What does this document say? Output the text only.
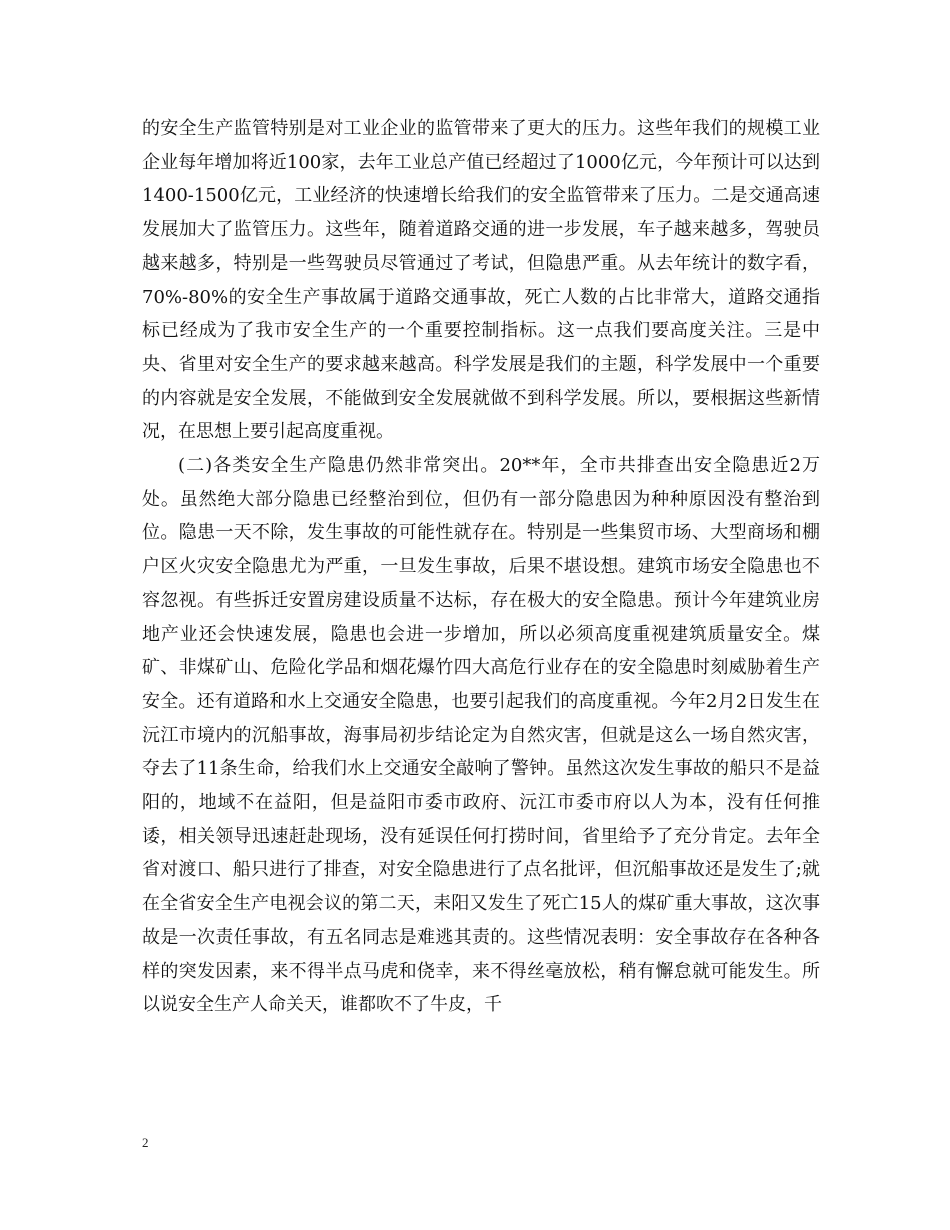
的安全生产监管特别是对工业企业的监管带来了更大的压力。这些年我们的规模工业企业每年增加将近100家，去年工业总产值已经超过了1000亿元，今年预计可以达到1400-1500亿元，工业经济的快速增长给我们的安全监管带来了压力。二是交通高速发展加大了监管压力。这些年，随着道路交通的进一步发展，车子越来越多，驾驶员越来越多，特别是一些驾驶员尽管通过了考试，但隐患严重。从去年统计的数字看，70%-80%的安全生产事故属于道路交通事故，死亡人数的占比非常大，道路交通指标已经成为了我市安全生产的一个重要控制指标。这一点我们要高度关注。三是中央、省里对安全生产的要求越来越高。科学发展是我们的主题，科学发展中一个重要的内容就是安全发展，不能做到安全发展就做不到科学发展。所以，要根据这些新情况，在思想上要引起高度重视。

(二)各类安全生产隐患仍然非常突出。20**年，全市共排查出安全隐患近2万处。虽然绝大部分隐患已经整治到位，但仍有一部分隐患因为种种原因没有整治到位。隐患一天不除，发生事故的可能性就存在。特别是一些集贸市场、大型商场和棚户区火灾安全隐患尤为严重，一旦发生事故，后果不堪设想。建筑市场安全隐患也不容忽视。有些拆迁安置房建设质量不达标，存在极大的安全隐患。预计今年建筑业房地产业还会快速发展，隐患也会进一步增加，所以必须高度重视建筑质量安全。煤矿、非煤矿山、危险化学品和烟花爆竹四大高危行业存在的安全隐患时刻威胁着生产安全。还有道路和水上交通安全隐患，也要引起我们的高度重视。今年2月2日发生在沅江市境内的沉船事故，海事局初步结论定为自然灾害，但就是这么一场自然灾害，夺去了11条生命，给我们水上交通安全敲响了警钟。虽然这次发生事故的船只不是益阳的，地域不在益阳，但是益阳市委市政府、沅江市委市府以人为本，没有任何推诿，相关领导迅速赶赴现场，没有延误任何打捞时间，省里给予了充分肯定。去年全省对渡口、船只进行了排查，对安全隐患进行了点名批评，但沉船事故还是发生了;就在全省安全生产电视会议的第二天，耒阳又发生了死亡15人的煤矿重大事故，这次事故是一次责任事故，有五名同志是难逃其责的。这些情况表明：安全事故存在各种各样的突发因素，来不得半点马虎和侥幸，来不得丝毫放松，稍有懈怠就可能发生。所以说安全生产人命关天，谁都吹不了牛皮，千

2
